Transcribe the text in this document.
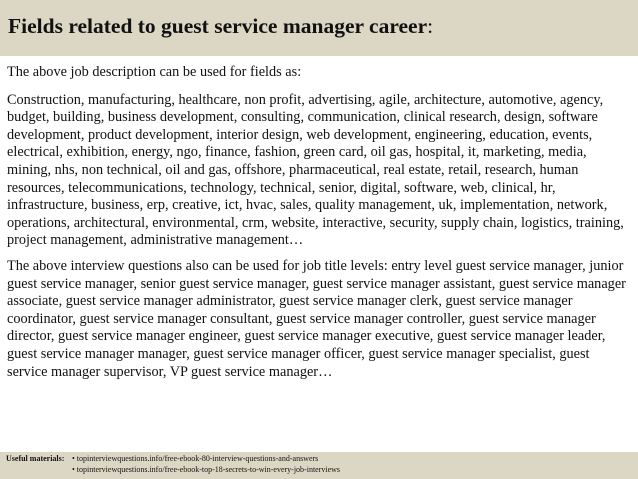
Fields related to guest service manager career:

The above job description can be used for fields as:

Construction, manufacturing, healthcare, non profit, advertising, agile, architecture, automotive, agency, budget, building, business development, consulting, communication, clinical research, design, software development, product development, interior design, web development, engineering, education, events, electrical, exhibition, energy, ngo, finance, fashion, green card, oil gas, hospital, it, marketing, media, mining, nhs, non technical, oil and gas, offshore, pharmaceutical, real estate, retail, research, human resources, telecommunications, technology, technical, senior, digital, software, web, clinical, hr, infrastructure, business, erp, creative, ict, hvac, sales, quality management, uk, implementation, network, operations, architectural, environmental, crm, website, interactive, security, supply chain, logistics, training, project management, administrative management…

The above interview questions also can be used for job title levels: entry level guest service manager, junior guest service manager, senior guest service manager, guest service manager assistant, guest service manager associate, guest service manager administrator, guest service manager clerk, guest service manager coordinator, guest service manager consultant, guest service manager controller, guest service manager director, guest service manager engineer, guest service manager executive, guest service manager leader, guest service manager manager, guest service manager officer, guest service manager specialist, guest service manager supervisor, VP guest service manager…

Useful materials: • topinterviewquestions.info/free-ebook-80-interview-questions-and-answers
• topinterviewquestions.info/free-ebook-top-18-secrets-to-win-every-job-interviews
